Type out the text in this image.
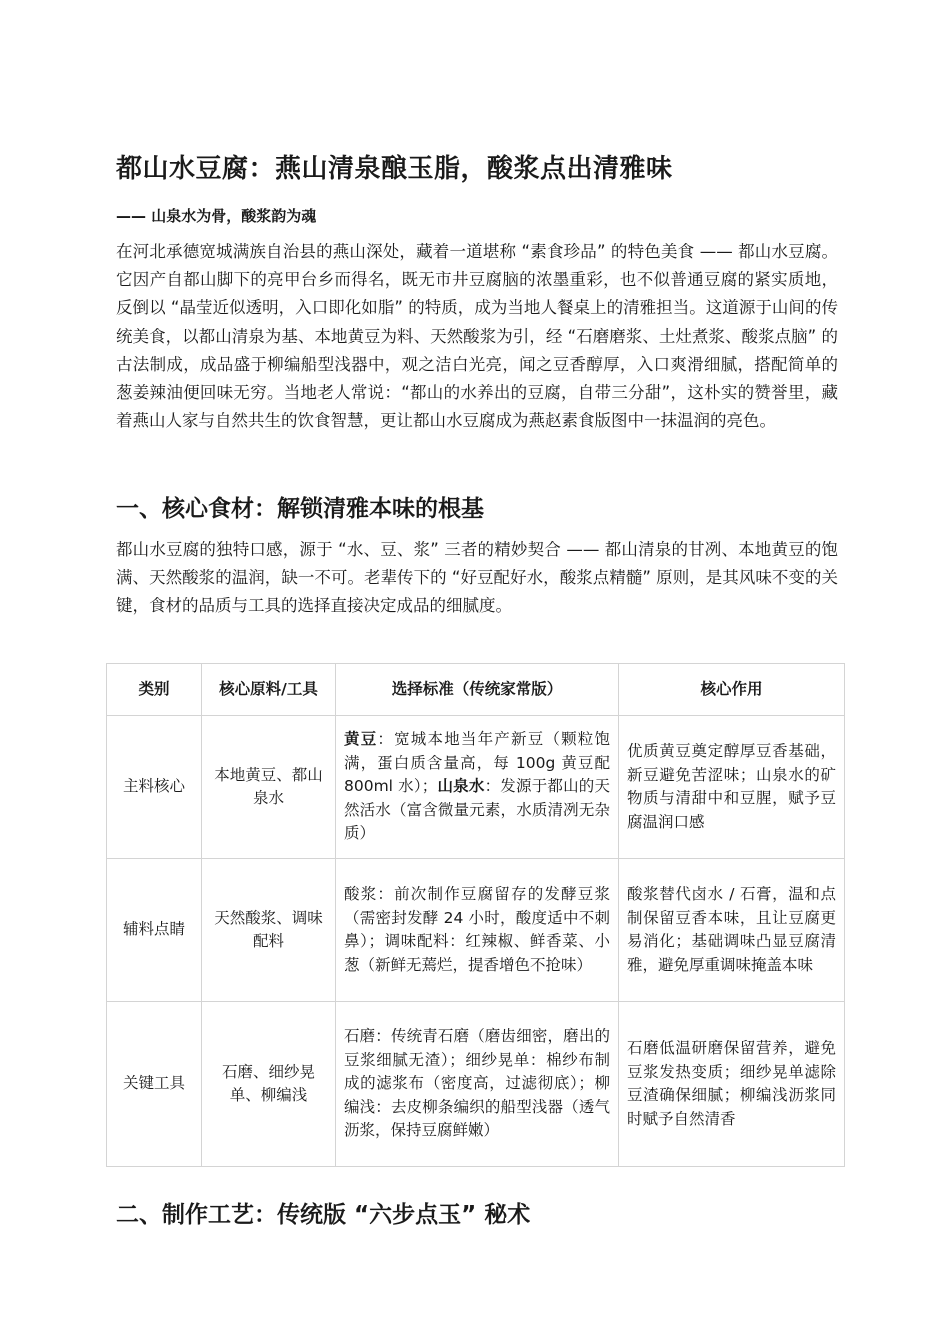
都山水豆腐：燕山清泉酿玉脂，酸浆点出清雅味

—— 山泉水为骨，酸浆韵为魂

在河北承德宽城满族自治县的燕山深处，藏着一道堪称 “素食珍品” 的特色美食 —— 都山水豆腐。它因产自都山脚下的亮甲台乡而得名，既无市井豆腐脑的浓墨重彩，也不似普通豆腐的紧实质地，反倒以 “晶莹近似透明，入口即化如脂” 的特质，成为当地人餐桌上的清雅担当。这道源于山间的传统美食，以都山清泉为基、本地黄豆为料、天然酸浆为引，经 “石磨磨浆、土灶煮浆、酸浆点脑” 的古法制成，成品盛于柳编船型浅器中，观之洁白光亮，闻之豆香醇厚，入口爽滑细腻，搭配简单的葱姜辣油便回味无穷。当地老人常说：“都山的水养出的豆腐，自带三分甜”，这朴实的赞誉里，藏着燕山人家与自然共生的饮食智慧，更让都山水豆腐成为燕赵素食版图中一抹温润的亮色。

一、核心食材：解锁清雅本味的根基

都山水豆腐的独特口感，源于 “水、豆、浆” 三者的精妙契合 —— 都山清泉的甘冽、本地黄豆的饱满、天然酸浆的温润，缺一不可。老辈传下的 “好豆配好水，酸浆点精髓” 原则，是其风味不变的关键，食材的品质与工具的选择直接决定成品的细腻度。

类别	核心原料/工具	选择标准（传统家常版）	核心作用
主料核心	本地黄豆、都山泉水	黄豆：宽城本地当年产新豆（颗粒饱满，蛋白质含量高，每 100g 黄豆配 800ml 水）；山泉水：发源于都山的天然活水（富含微量元素，水质清冽无杂质）	优质黄豆奠定醇厚豆香基础，新豆避免苦涩味；山泉水的矿物质与清甜中和豆腥，赋予豆腐温润口感
辅料点睛	天然酸浆、调味配料	酸浆：前次制作豆腐留存的发酵豆浆（需密封发酵 24 小时，酸度适中不刺鼻）；调味配料：红辣椒、鲜香菜、小葱（新鲜无蔫烂，提香增色不抢味）	酸浆替代卤水 / 石膏，温和点制保留豆香本味，且让豆腐更易消化；基础调味凸显豆腐清雅，避免厚重调味掩盖本味
关键工具	石磨、细纱晃单、柳编浅	石磨：传统青石磨（磨齿细密，磨出的豆浆细腻无渣）；细纱晃单：棉纱布制成的滤浆布（密度高，过滤彻底）；柳编浅：去皮柳条编织的船型浅器（透气沥浆，保持豆腐鲜嫩）	石磨低温研磨保留营养，避免豆浆发热变质；细纱晃单滤除豆渣确保细腻；柳编浅沥浆同时赋予自然清香
二、制作工艺：传统版 “六步点玉” 秘术
